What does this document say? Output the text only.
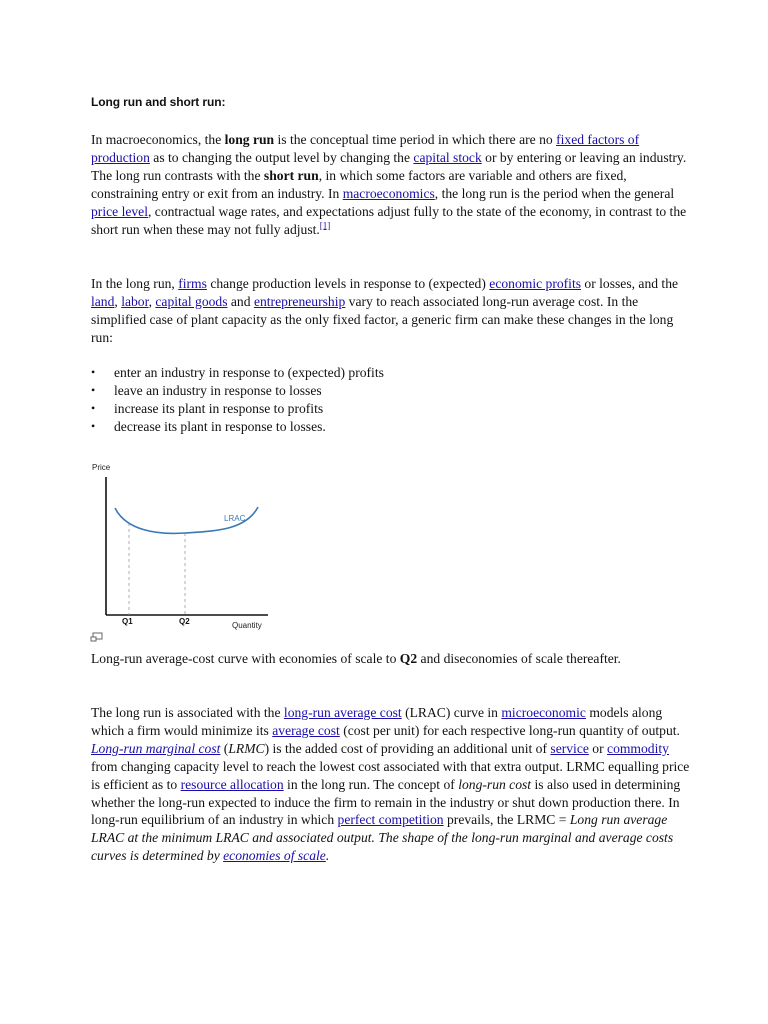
Long run and short run:

In macroeconomics, the long run is the conceptual time period in which there are no fixed factors of production as to changing the output level by changing the capital stock or by entering or leaving an industry. The long run contrasts with the short run, in which some factors are variable and others are fixed, constraining entry or exit from an industry. In macroeconomics, the long run is the period when the general price level, contractual wage rates, and expectations adjust fully to the state of the economy, in contrast to the short run when these may not fully adjust.[1]

In the long run, firms change production levels in response to (expected) economic profits or losses, and the land, labor, capital goods and entrepreneurship vary to reach associated long-run average cost. In the simplified case of plant capacity as the only fixed factor, a generic firm can make these changes in the long run:

• enter an industry in response to (expected) profits
• leave an industry in response to losses
• increase its plant in response to profits
• decrease its plant in response to losses.

Long-run average-cost curve with economies of scale to Q2 and diseconomies of scale thereafter.

The long run is associated with the long-run average cost (LRAC) curve in microeconomic models along which a firm would minimize its average cost (cost per unit) for each respective long-run quantity of output. Long-run marginal cost (LRMC) is the added cost of providing an additional unit of service or commodity from changing capacity level to reach the lowest cost associated with that extra output. LRMC equalling price is efficient as to resource allocation in the long run. The concept of long-run cost is also used in determining whether the long-run expected to induce the firm to remain in the industry or shut down production there. In long-run equilibrium of an industry in which perfect competition prevails, the LRMC = Long run average LRAC at the minimum LRAC and associated output. The shape of the long-run marginal and average costs curves is determined by economies of scale.

Price
LRAC
Q1	Q2	Quantity
